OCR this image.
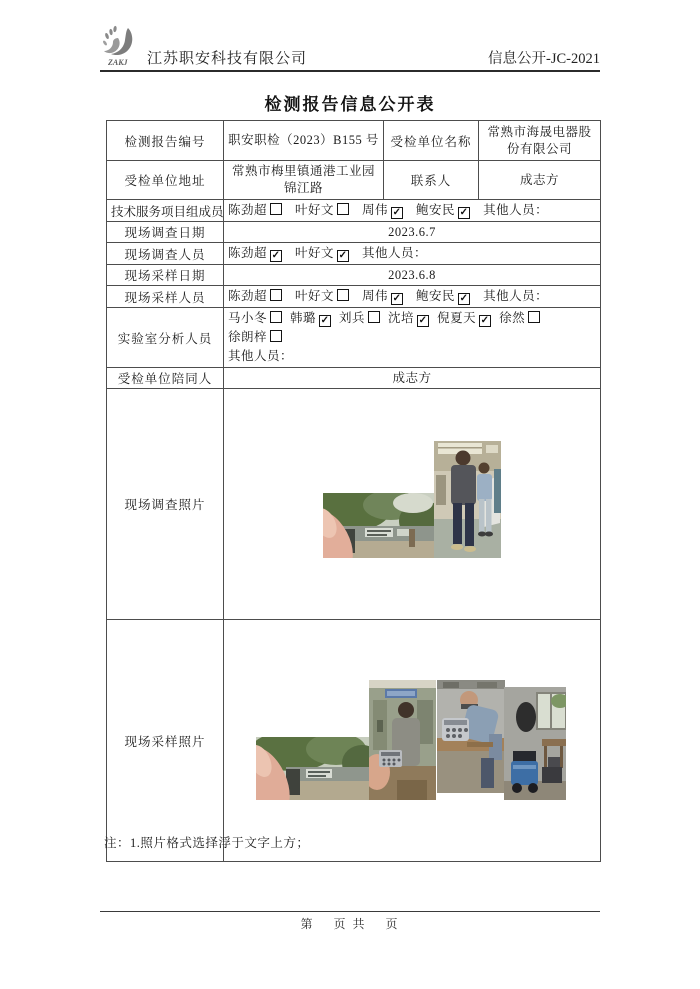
ZAKJ 江苏职安科技有限公司	信息公开-JC-2021
检测报告信息公开表
检测报告编号	职安职检（2023）B155 号	受检单位名称	常熟市海晟电器股份有限公司
受检单位地址	常熟市梅里镇通港工业园锦江路	联系人	成志方
技术服务项目组成员	陈劲超 叶好文 周伟 ✓ 鲍安民 ✓ 其他人员：		
现场调查日期	2023.6.7		
现场调查人员	陈劲超 ✓ 叶好文 ✓ 其他人员：		
现场采样日期	2023.6.8		
现场采样人员	陈劲超 叶好文 周伟 ✓ 鲍安民 ✓ 其他人员：		
实验室分析人员	马小冬 韩璐 ✓ 刘兵 沈培 ✓ 倪夏天 ✓ 徐然徐朗梓
其他人员：		
受检单位陪同人	成志方		
现场调查照片	

现场采样照片	
注：1.照片格式选择浮于文字上方；
第　 页 共　 页
